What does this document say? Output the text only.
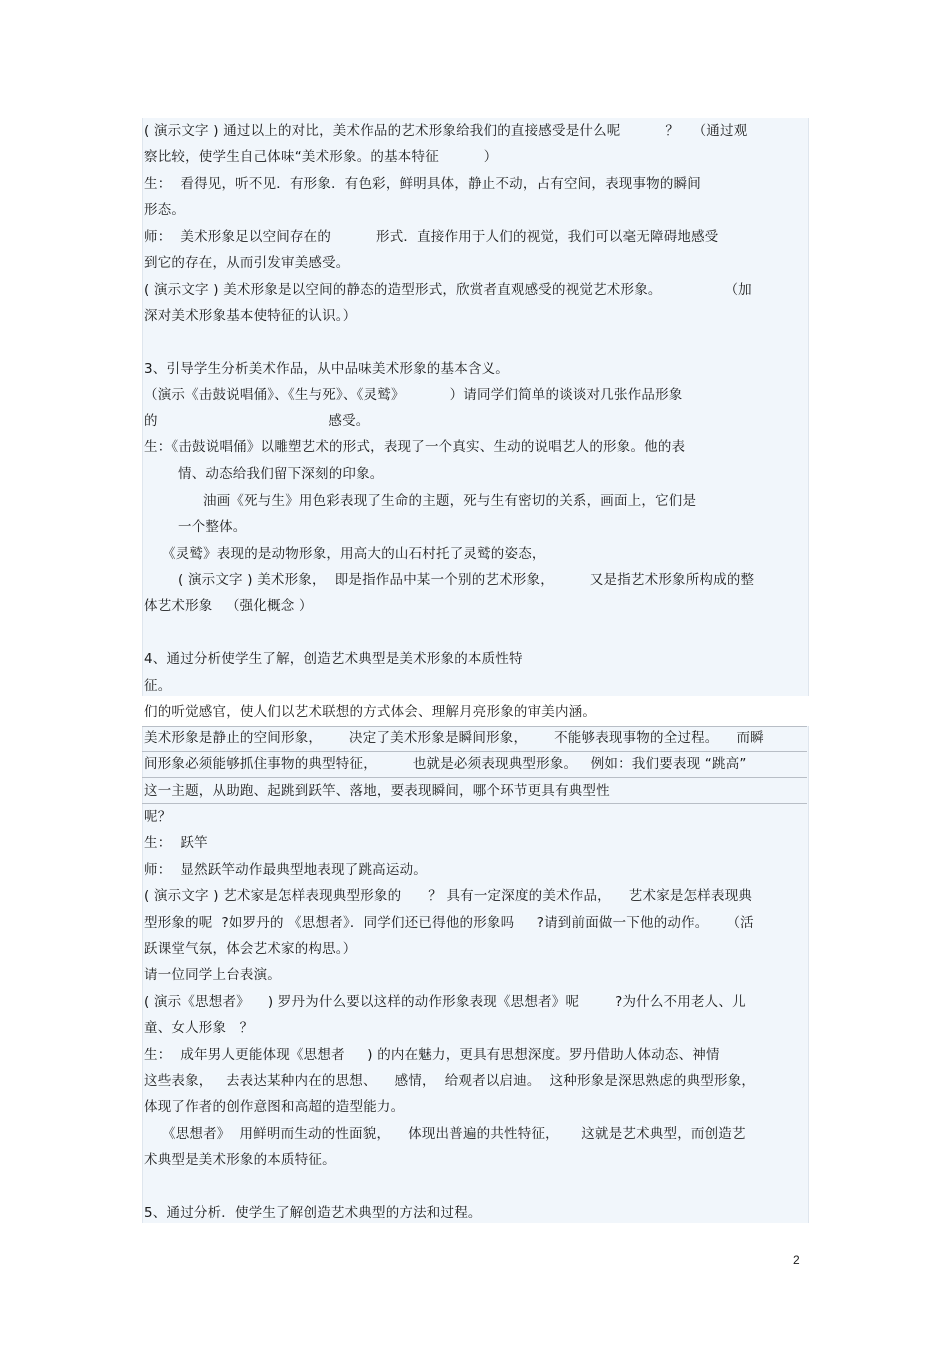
( 演示文字 ) 通过以上的对比，美术作品的艺术形象给我们的直接感受是什么呢          ？   （通过观
察比较，使学生自己体味“美术形象。的基本特征          ）
生：  看得见，听不见．有形象．有色彩，鲜明具体，静止不动，占有空间，表现事物的瞬间
形态。
师：  美术形象足以空间存在的          形式．直接作用于人们的视觉，我们可以毫无障碍地感受
到它的存在，从而引发审美感受。
( 演示文字 ) 美术形象是以空间的静态的造型形式，欣赏者直观感受的视觉艺术形象。              （加
深对美术形象基本使特征的认识。）
3、引导学生分析美术作品，从中品味美术形象的基本含义。
（演示《击鼓说唱俑》、《生与死》、《灵鹫》          ）请同学们简单的谈谈对几张作品形象
的                                      感受。
生：《击鼓说唱俑》以雕塑艺术的形式，表现了一个真实、生动的说唱艺人的形象。他的表
情、动态给我们留下深刻的印象。
油画《死与生》用色彩表现了生命的主题，死与生有密切的关系，画面上，它们是
一个整体。
《灵鹫》表现的是动物形象，用高大的山石村托了灵鹫的姿态，
( 演示文字 ) 美术形象，  即是指作品中某一个别的艺术形象，        又是指艺术形象所构成的整
体艺术形象   （强化概念 ）
4、通过分析使学生了解，创造艺术典型是美术形象的本质性特
征。
们的听觉感官，使人们以艺术联想的方式体会、理解月亮形象的审美内涵。
美术形象是静止的空间形象，      决定了美术形象是瞬间形象，      不能够表现事物的全过程。    而瞬
间形象必须能够抓住事物的典型特征，        也就是必须表现典型形象。   例如：我们要表现 “跳高”
这一主题，从助跑、起跳到跃竿、落地，要表现瞬间，哪个环节更具有典型性
呢？
生：  跃竿
师：  显然跃竿动作最典型地表现了跳高运动。
( 演示文字 ) 艺术家是怎样表现典型形象的      ？ 具有一定深度的美术作品，    艺术家是怎样表现典
型形象的呢  ?如罗丹的 《思想者》．同学们还已得他的形象吗     ?请到前面做一下他的动作。    （活
跃课堂气氛，体会艺术家的构思。）
请一位同学上台表演。
( 演示《思想者》    ) 罗丹为什么要以这样的动作形象表现《思想者》呢        ?为什么不用老人、儿
童、女人形象   ？
生：  成年男人更能体现《思想者     ) 的内在魅力，更具有思想深度。罗丹借助人体动态、神情
这些表象，   去表达某种内在的思想、    感情，  给观者以启迪。  这种形象是深思熟虑的典型形象，
体现了作者的创作意图和高超的造型能力。
《思想者》  用鲜明而生动的性面貌，    体现出普遍的共性特征，     这就是艺术典型，而创造艺
术典型是美术形象的本质特征。
5、通过分析．使学生了解创造艺术典型的方法和过程。
2
